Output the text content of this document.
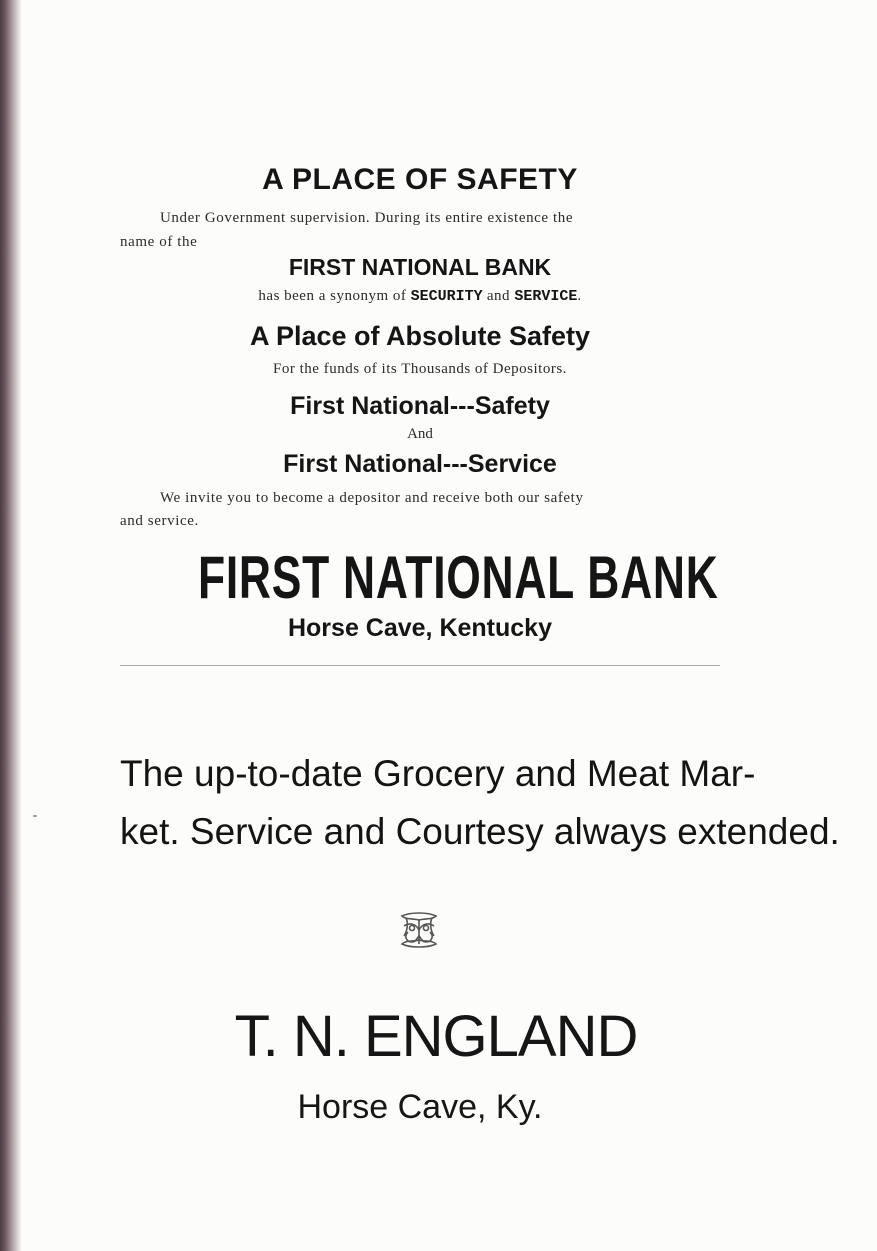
A PLACE OF SAFETY
Under Government supervision. During its entire existence the
name of the
FIRST NATIONAL BANK
has been a synonym of SECURITY and SERVICE.
A Place of Absolute Safety
For the funds of its Thousands of Depositors.
First National---Safety
And
First National---Service
We invite you to become a depositor and receive both our safety
and service.
FIRST NATIONAL BANK
Horse Cave, Kentucky
The up-to-date Grocery and Meat Mar-
ket. Service and Courtesy always extended.
T. N. ENGLAND
Horse Cave, Ky.
